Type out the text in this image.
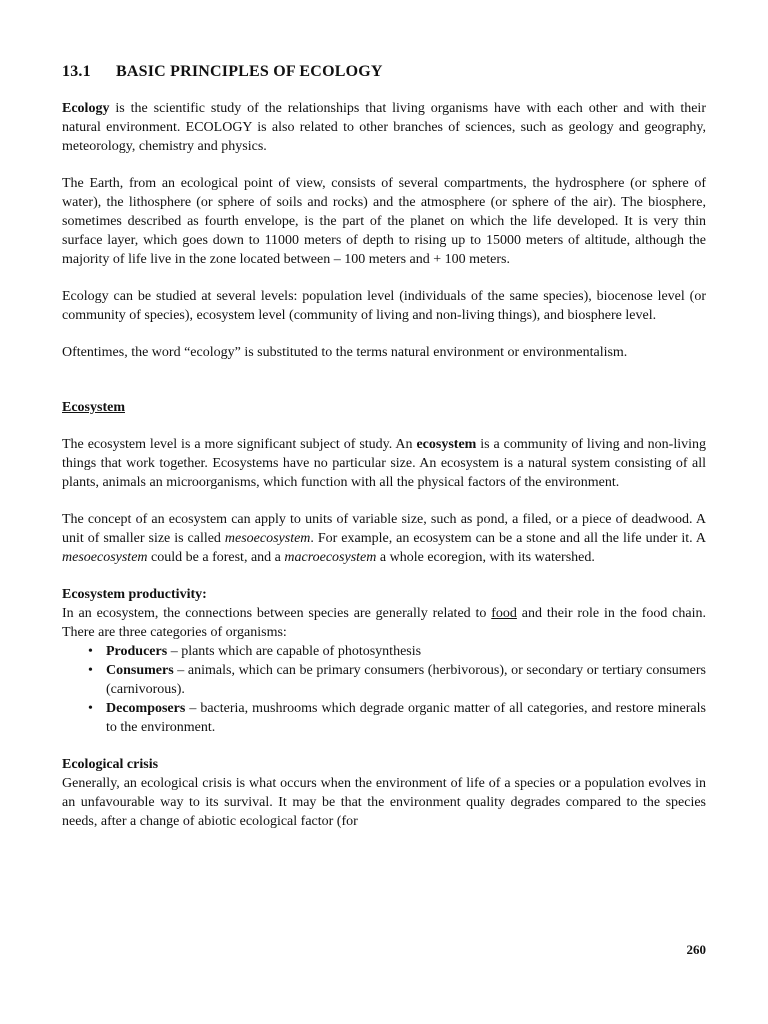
13.1 BASIC PRINCIPLES OF ECOLOGY

Ecology is the scientific study of the relationships that living organisms have with each other and with their natural environment. ECOLOGY is also related to other branches of sciences, such as geology and geography, meteorology, chemistry and physics.

The Earth, from an ecological point of view, consists of several compartments, the hydrosphere (or sphere of water), the lithosphere (or sphere of soils and rocks) and the atmosphere (or sphere of the air). The biosphere, sometimes described as fourth envelope, is the part of the planet on which the life developed. It is very thin surface layer, which goes down to 11000 meters of depth to rising up to 15000 meters of altitude, although the majority of life live in the zone located between – 100 meters and + 100 meters.

Ecology can be studied at several levels: population level (individuals of the same species), biocenose level (or community of species), ecosystem level (community of living and non-living things), and biosphere level.

Oftentimes, the word “ecology” is substituted to the terms natural environment or environmentalism.

Ecosystem

The ecosystem level is a more significant subject of study. An ecosystem is a community of living and non-living things that work together. Ecosystems have no particular size. An ecosystem is a natural system consisting of all plants, animals an microorganisms, which function with all the physical factors of the environment.

The concept of an ecosystem can apply to units of variable size, such as pond, a filed, or a piece of deadwood. A unit of smaller size is called mesoecosystem. For example, an ecosystem can be a stone and all the life under it. A mesoecosystem could be a forest, and a macroecosystem a whole ecoregion, with its watershed.

Ecosystem productivity:

In an ecosystem, the connections between species are generally related to food and their role in the food chain. There are three categories of organisms:

• Producers – plants which are capable of photosynthesis
• Consumers – animals, which can be primary consumers (herbivorous), or secondary or tertiary consumers (carnivorous).
• Decomposers – bacteria, mushrooms which degrade organic matter of all categories, and restore minerals to the environment.
Ecological crisis

Generally, an ecological crisis is what occurs when the environment of life of a species or a population evolves in an unfavourable way to its survival. It may be that the environment quality degrades compared to the species needs, after a change of abiotic ecological factor (for

260
